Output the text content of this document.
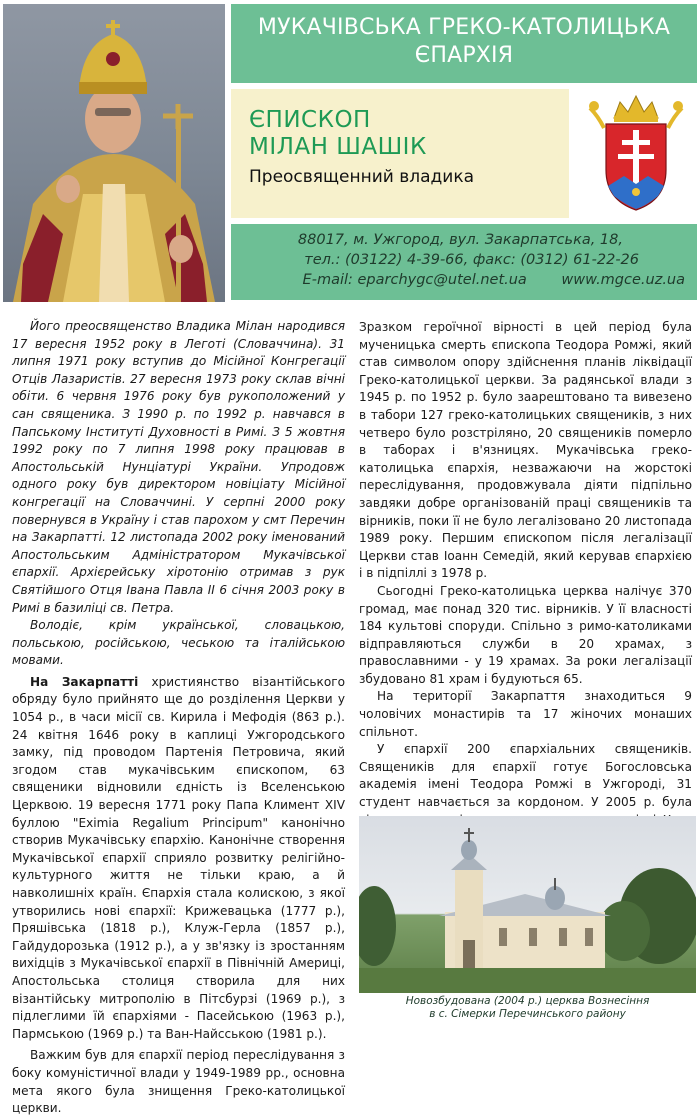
МУКАЧІВСЬКА ГРЕКО-КАТОЛИЦЬКА
ЄПАРХІЯ
ЄПИСКОП
МІЛАН ШАШІК
Преосвященний владика
88017, м. Ужгород, вул. Закарпатська, 18,
тел.: (03122) 4-39-66, факс: (0312) 61-22-26
E-mail: eparchygc@utel.net.ua www.mgce.uz.ua

Його преосвященство Владика Мілан народився 17 вересня 1952 року в Леготі (Словаччина). 31 липня 1971 року вступив до Місійної Конгрегації Отців Лазаристів. 27 вересня 1973 року склав вічні обіти. 6 червня 1976 року був рукоположений у сан священика. З 1990 р. по 1992 р. навчався в Папському Інституті Духовності в Римі. З 5 жовтня 1992 року по 7 липня 1998 року працював в Апостольській Нунціатурі України. Упродовж одного року був директором новіціату Місійної конгрегації на Словаччині. У серпні 2000 року повернувся в Україну і став парохом у смт Перечин на Закарпатті. 12 листопада 2002 року іменований Апостольським Адміністратором Мукачівської єпархії. Архієрейську хіротонію отримав з рук Святійшого Отця Івана Павла II 6 січня 2003 року в Римі в базиліці св. Петра.

Володіє, крім української, словацькою, польською, російською, чеською та італійською мовами.

На Закарпатті християнство візантійського обряду було прийнято ще до розділення Церкви у 1054 р., в часи місії св. Кирила і Мефодія (863 р.). 24 квітня 1646 року в каплиці Ужгородського замку, під проводом Партенія Петровича, який згодом став мукачівським єпископом, 63 священики відновили єдність із Вселенською Церквою. 19 вересня 1771 року Папа Климент XIV буллою "Eximia Regalium Principum" канонічно створив Мукачівську єпархію. Канонічне створення Мукачівської єпархії сприяло розвитку релігійно-культурного життя не тільки краю, а й навколишніх країн. Єпархія стала колискою, з якої утворились нові єпархії: Крижевацька (1777 р.), Пряшівська (1818 р.), Клуж-Герла (1857 р.), Гайдудорозька (1912 р.), а у зв'язку із зростанням вихідців з Мукачівської єпархії в Північній Америці, Апостольська столиця створила для них візантійську митрополію в Пітсбурзі (1969 р.), з підлеглими їй єпархіями - Пасейською (1963 р.), Пармською (1969 р.) та Ван-Найсською (1981 р.).

Важким був для єпархії період переслідування з боку комуністичної влади у 1949-1989 рр., основна мета якого була знищення Греко-католицької церкви.

Зразком героїчної вірності в цей період була мученицька смерть єпископа Теодора Ромжі, який став символом опору здійснення планів ліквідації Греко-католицької церкви. За радянської влади з 1945 р. по 1952 р. було заарештовано та вивезено в табори 127 греко-католицьких священиків, з них четверо було розстріляно, 20 священиків померло в таборах і в'язницях. Мукачівська греко-католицька єпархія, незважаючи на жорстокі переслідування, продовжувала діяти підпільно завдяки добре організованій праці священиків та вірників, поки її не було легалізовано 20 листопада 1989 року. Першим єпископом після легалізації Церкви став Іоанн Семедій, який керував єпархією і в підпіллі з 1978 р.

Сьогодні Греко-католицька церква налічує 370 громад, має понад 320 тис. вірників. У її власності 184 культові споруди. Спільно з римо-католиками відправляються служби в 20 храмах, з православними - у 19 храмах. За роки легалізації збудовано 81 храм і будуються 65.

На території Закарпаття знаходиться 9 чоловічих монастирів та 17 жіночих монаших спільнот.

У єпархії 200 єпархіальних священиків. Священиків для єпархії готує Богословська академія імені Теодора Ромжі в Ужгороді, 31 студент навчається за кордоном. У 2005 р. була

Новозбудована (2004 р.) церква Вознесіння
в с. Сімерки Перечинського району
